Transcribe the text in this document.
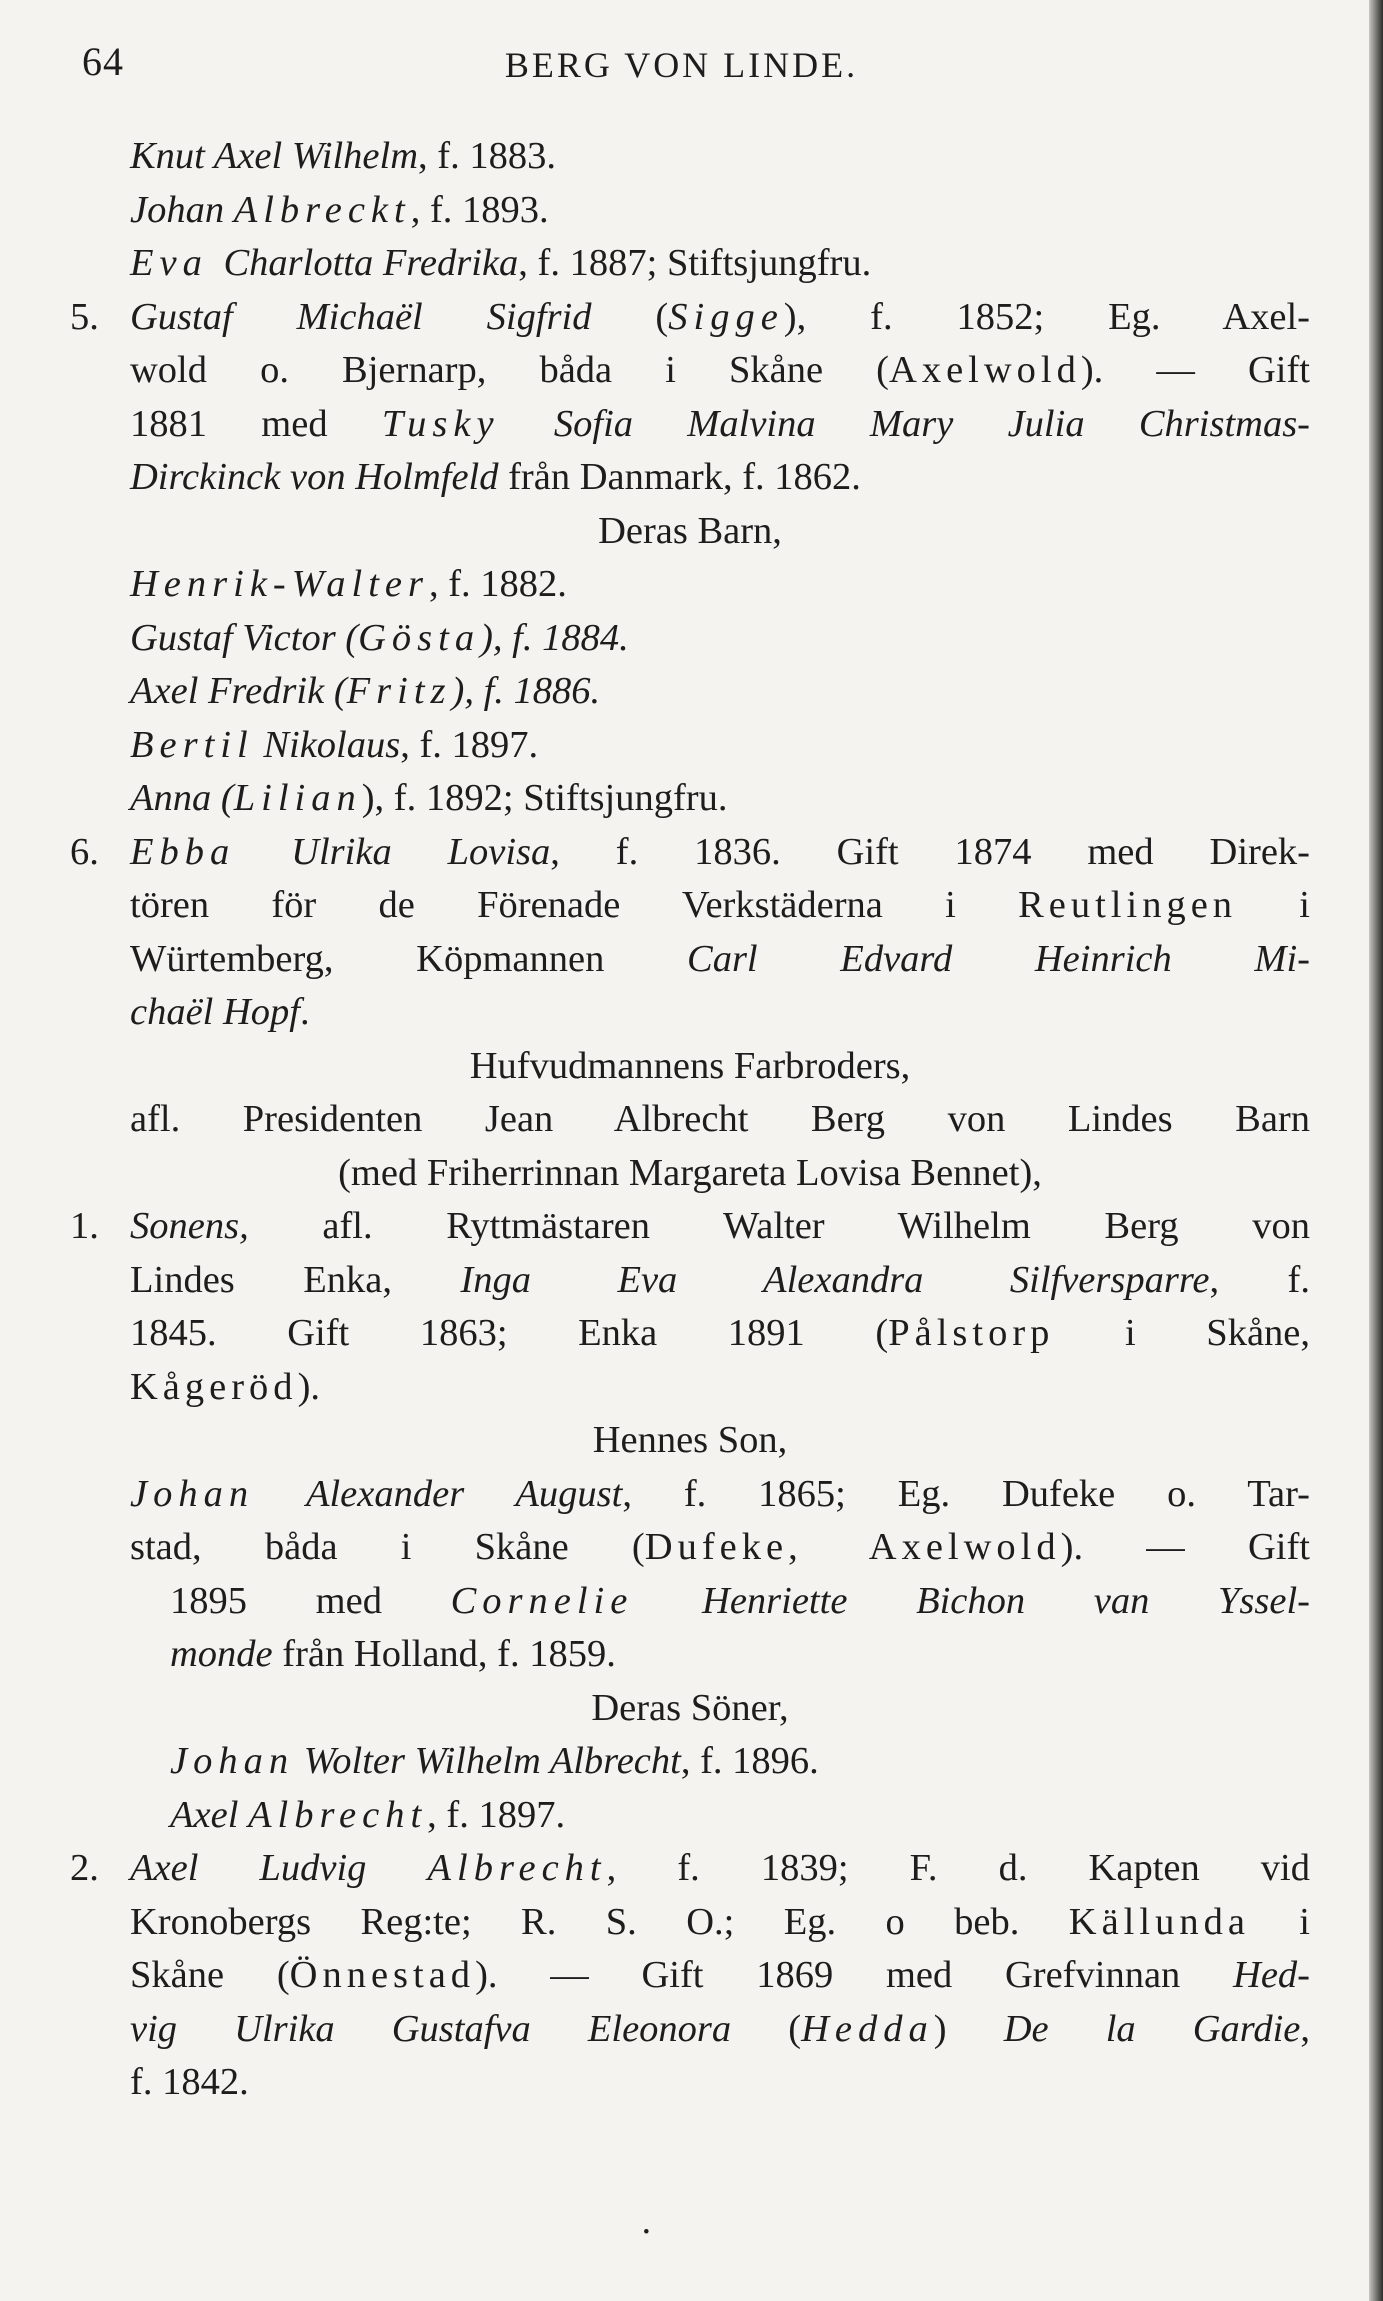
64	BERG VON LINDE.
Knut Axel Wilhelm, f. 1883.
Johan Albreckt, f. 1893.
Eva Charlotta Fredrika, f. 1887; Stiftsjungfru.
5. Gustaf Michaël Sigfrid (Sigge), f. 1852; Eg. Axel-
wold o. Bjernarp, båda i Skåne (Axelwold). — Gift
1881 med Tusky Sofia Malvina Mary Julia Christmas-
Dirckinck von Holmfeld från Danmark, f. 1862.
Deras Barn,
Henrik-Walter, f. 1882.
Gustaf Victor (Gösta), f. 1884.
Axel Fredrik (Fritz), f. 1886.
Bertil Nikolaus, f. 1897.
Anna (Lilian), f. 1892; Stiftsjungfru.
6. Ebba Ulrika Lovisa, f. 1836. Gift 1874 med Direk-
tören för de Förenade Verkstäderna i Reutlingen i
Würtemberg, Köpmannen Carl Edvard Heinrich Mi-
chaël Hopf.
Hufvudmannens Farbroders,
afl. Presidenten Jean Albrecht Berg von Lindes Barn
(med Friherrinnan Margareta Lovisa Bennet),
1. Sonens, afl. Ryttmästaren Walter Wilhelm Berg von
Lindes Enka, Inga Eva Alexandra Silfversparre, f.
1845. Gift 1863; Enka 1891 (Pålstorp i Skåne,
Kågeröd).
Hennes Son,
Johan Alexander August, f. 1865; Eg. Dufeke o. Tar-
stad, båda i Skåne (Dufeke, Axelwold). — Gift
1895 med Cornelie Henriette Bichon van Yssel-
monde från Holland, f. 1859.
Deras Söner,
Johan Wolter Wilhelm Albrecht, f. 1896.
Axel Albrecht, f. 1897.
2. Axel Ludvig Albrecht, f. 1839; F. d. Kapten vid
Kronobergs Reg:te; R. S. O.; Eg. o beb. Källunda i
Skåne (Önnestad). — Gift 1869 med Grefvinnan Hed-
vig Ulrika Gustafva Eleonora (Hedda) De la Gardie,
f. 1842.
·
